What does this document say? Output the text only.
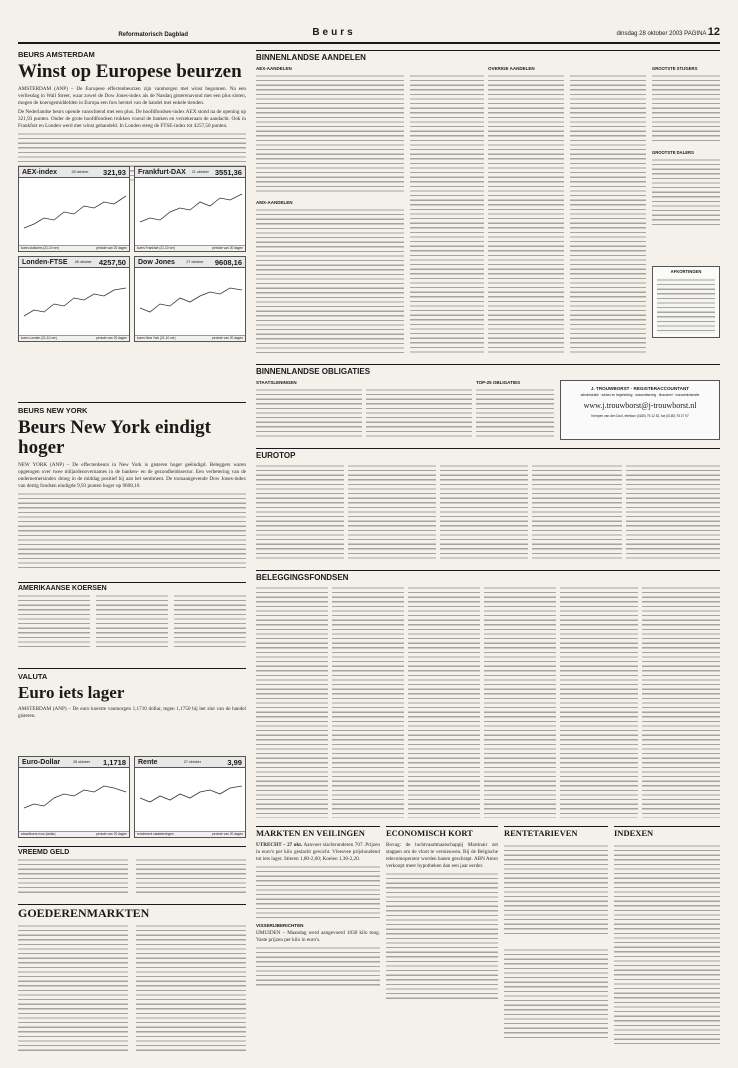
Reformatorisch Dagblad	Beurs	dinsdag 28 oktober 2003 PAGINA 12
BEURS AMSTERDAM
Winst op Europese beurzen

AMSTERDAM (ANP) – De Europese effectenbeurzen zijn vanmorgen met winst begonnen. Na een verliesdag in Wall Street, waar zowel de Dow Jones-index als de Nasdaq gisterenavond met een plus sloten, mogen de koersgemiddelden in Europa een fors herstel van de handel met enkele tienden.

De Nederlandse beurs opende vanochtend met een plus. De hoofdfondsen-index AEX stond na de opening op 321,93 punten. Onder de grote hoofdfondsen trokken vooral de banken en verzekeraars de aandacht. Ook in Frankfurt en Londen werd met winst gehandeld. In Londen steeg de FTSE-index tot 4257,50 punten.

AEX-index	28 oktober 321,93
koers slotkoers (21-10 ver)	periode van 20 dagen
Frankfurt-DAX 21 oktober 3551,36
koers Frankfurt (21-10 ver)	periode van 20 dagen
Londen-FTSE 28 oktober 4257,50
koers Londen (21-10 ver)	periode van 20 dagen
Dow Jones	27 oktober 9608,16
koers New York (21-10 ver)	periode van 20 dagen
BEURS NEW YORK
Beurs New York eindigt hoger

NEW YORK (ANP) – De effectenbeurs in New York is gisteren hoger geëindigd. Beleggers waren opgetogen over twee miljardenovernames in de banken- en de gezondheidssector. Een verbetering van de ondernemersindex droeg in de middag positief bij aan het sentiment. De toonaangevende Dow Jones-index van dertig fondsen eindigde 9,93 punten hoger op 9608,16.

AMERIKAANSE KOERSEN
VALUTA
Euro iets lager

AMSTERDAM (ANP) – De euro koerste vanmorgen 1,1710 dollar, tegen 1,1750 bij het slot van de handel gisteren.

Euro-Dollar	28 oktober 1,1718
wisselkoers euro (dollar)	periode van 20 dagen
Rente	27 oktober	3,99
rendement staatsleningen	periode van 20 dagen
VREEMD GELD
GOEDERENMARKTEN
BINNENLANDSE AANDELEN
AEX-AANDELEN
AMX-AANDELEN
OVERIGE AANDELEN	GROOTSTE STIJGERS
GROOTSTE DALERS
AFKORTINGEN
BINNENLANDSE OBLIGATIES
STAATSLENINGEN	TOP-25 OBLIGATIES
J. TROUWBORST · REGISTERACCOUNTANT
administratie · advies en begeleiding · automatisering · financieel · loonadministratie
www.j.trouwborst@j-trouwborst.nl
Kempen van den Dool, telefoon (0180) 75 12 52, fax (0180) 75 27 97
EUROTOP
BELEGGINGSFONDSEN
MARKTEN EN VEILINGEN

UTRECHT – 27 okt. Aanvoer slachtrunderen 707. Prijzen in euro's per kilo geslacht gewicht. Vleesvee prijshoudend tot iets lager. Stieren 1,80-2,60; Koeien 1,30-2,20.

VISSERIJBERICHTEN

IJMUIDEN – Maandag werd aangevoerd 1030 kilo tong. Vaste prijzen per kilo in euro's.

ECONOMISCH KORT

Bovag: de luchtvaartmaatschappij Martinair zet stappen om de vloot te vernieuwen. Bij de Belgische telecomoperator worden banen geschrapt. ABN Amro verkoopt meer hypotheken dan een jaar eerder.

RENTETARIEVEN	INDEXEN
